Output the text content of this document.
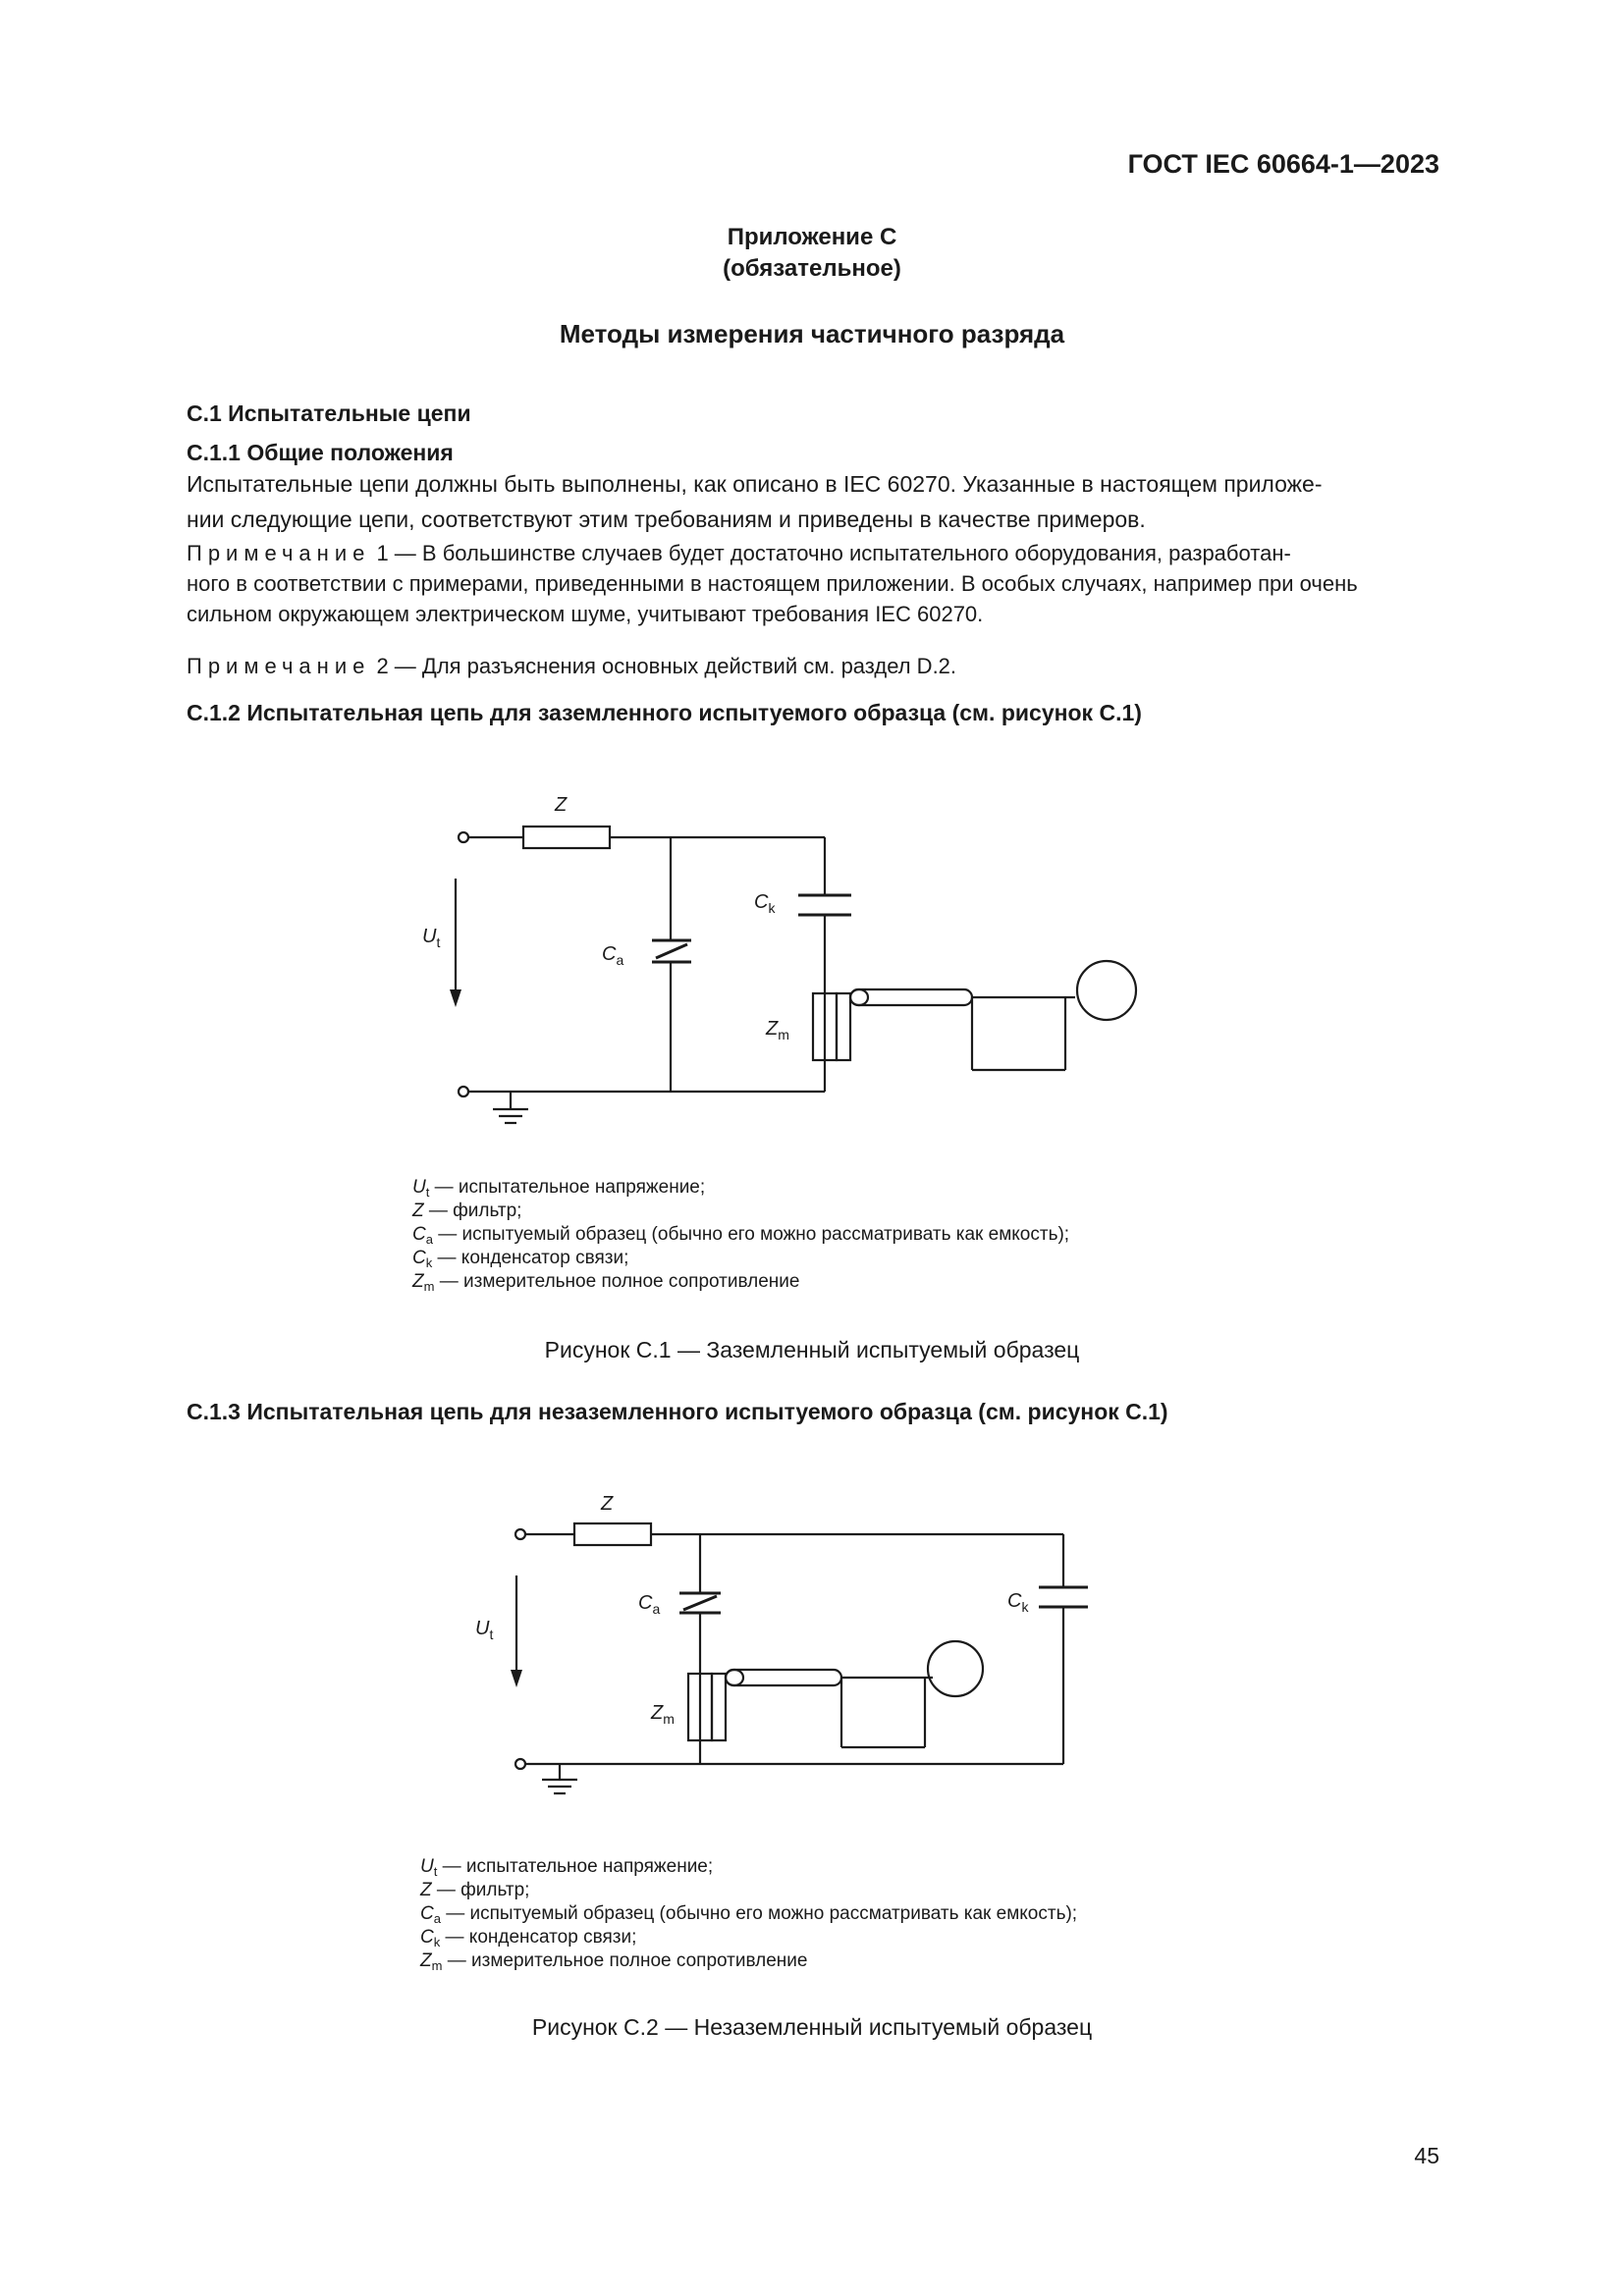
ГОСТ IEC 60664-1—2023
Приложение С
(обязательное)
Методы измерения частичного разряда
С.1 Испытательные цепи
С.1.1 Общие положения
Испытательные цепи должны быть выполнены, как описано в IEC 60270. Указанные в настоящем приложе-
нии следующие цепи, соответствуют этим требованиям и приведены в качестве примеров.
Примечание 1 — В большинстве случаев будет достаточно испытательного оборудования, разработан-
ного в соответствии с примерами, приведенными в настоящем приложении. В особых случаях, например при очень
сильном окружающем электрическом шуме, учитывают требования IEC 60270.
Примечание 2 — Для разъяснения основных действий см. раздел D.2.
С.1.2 Испытательная цепь для заземленного испытуемого образца (см. рисунок С.1)
Z
$C_k$
$U_t$
$C_a$
$Z_m$
$U_t$ — испытательное напряжение;
Z — фильтр;
$C_a$ — испытуемый образец (обычно его можно рассматривать как емкость);
$C_k$ — конденсатор связи;
$Z_m$ — измерительное полное сопротивление
Рисунок С.1 — Заземленный испытуемый образец
С.1.3 Испытательная цепь для незаземленного испытуемого образца (см. рисунок С.1)
Z
$C_a$	$C_k$
$U_t$
$Z_m$
$U_t$ — испытательное напряжение;
Z — фильтр;
$C_a$ — испытуемый образец (обычно его можно рассматривать как емкость);
$C_k$ — конденсатор связи;
$Z_m$ — измерительное полное сопротивление
Рисунок С.2 — Незаземленный испытуемый образец
45
